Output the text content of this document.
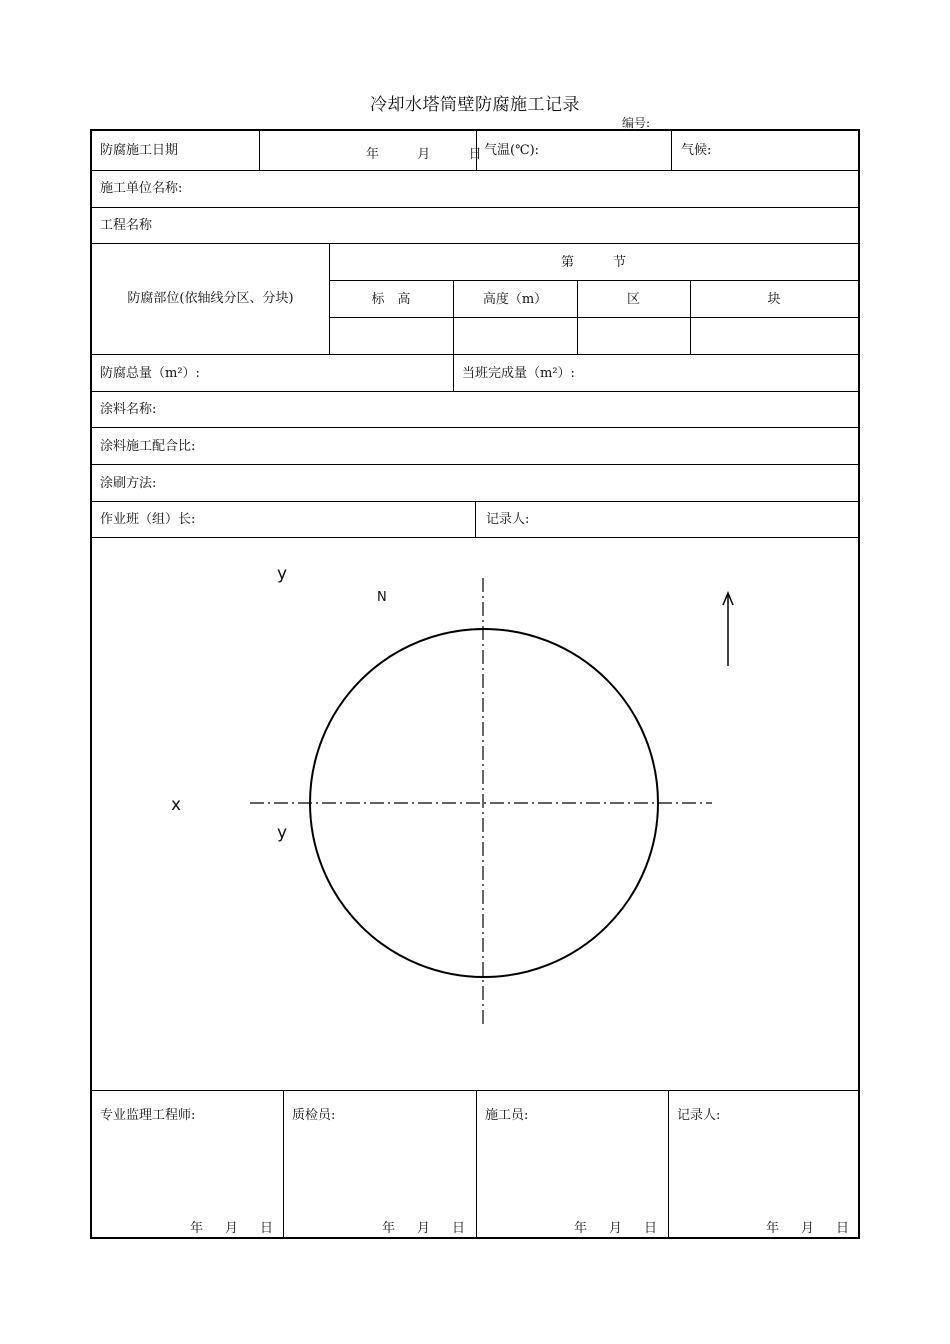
冷却水塔筒壁防腐施工记录
编号:
防腐施工日期	年	月	日 气温(℃):	气候:
施工单位名称:
工程名称
防腐部位(依轴线分区、分块)
第　　　节
标　高	高度（m）	区	块
防腐总量（m²）:	当班完成量（m²）:
涂料名称:
涂料施工配合比:
涂刷方法:
作业班（组）长:	记录人:
y
N
x
y
专业监理工程师:
年 月 日
质检员:
年 月 日
施工员:
年 月 日
记录人:
年 月 日
